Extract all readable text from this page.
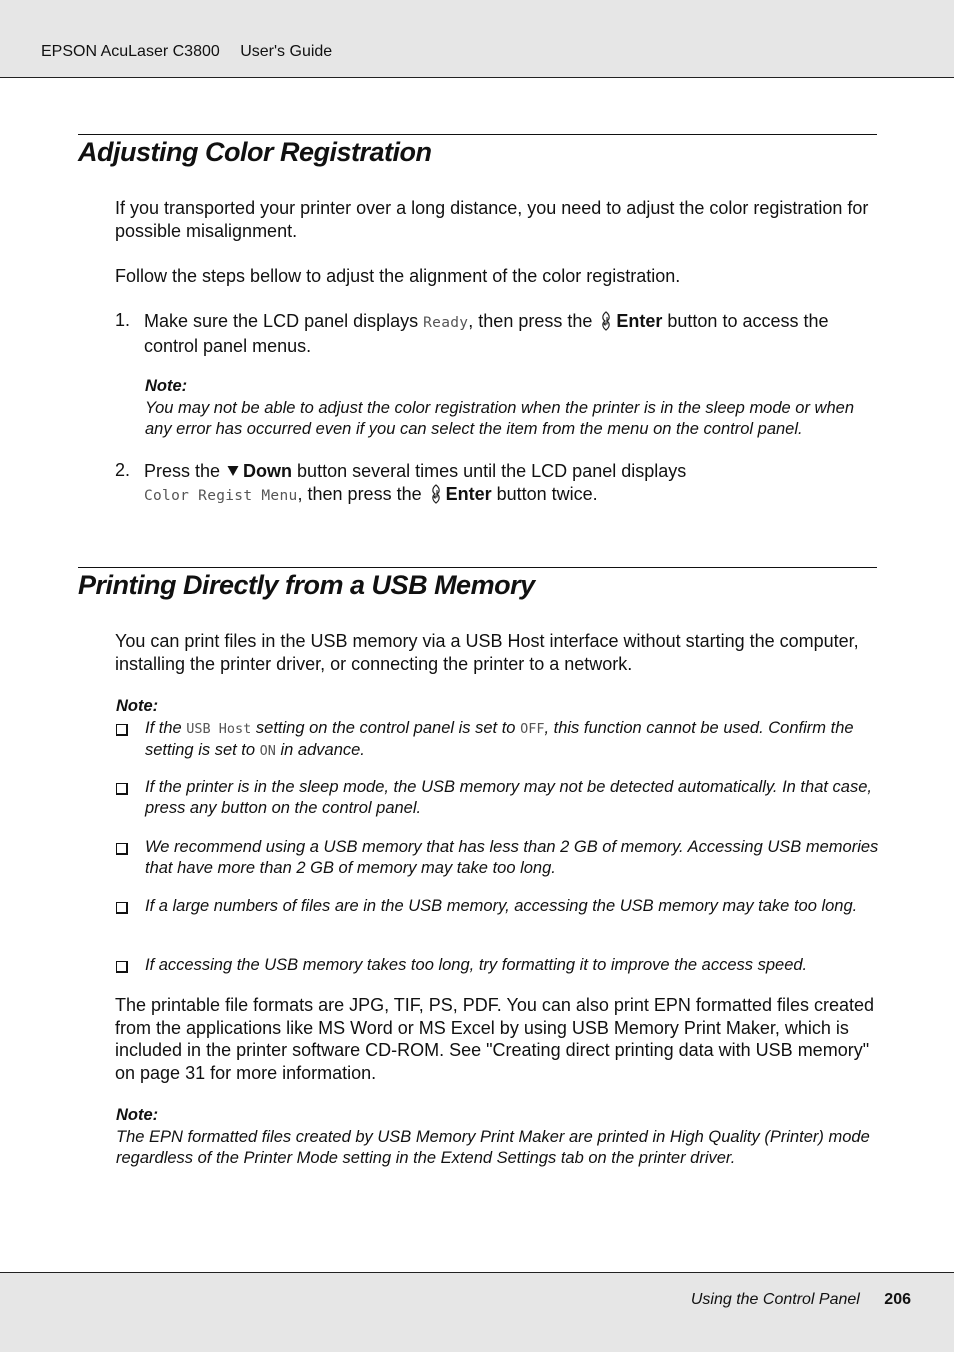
EPSON AcuLaser C3800 User's Guide
Adjusting Color Registration
If you transported your printer over a long distance, you need to adjust the color registration for possible misalignment.
Follow the steps bellow to adjust the alignment of the color registration.
1. Make sure the LCD panel displays Ready, then press the Enter button to access the control panel menus.
Note:
You may not be able to adjust the color registration when the printer is in the sleep mode or when any error has occurred even if you can select the item from the menu on the control panel.
2. Press the Down button several times until the LCD panel displays
Color Regist Menu, then press the Enter button twice.
Printing Directly from a USB Memory
You can print files in the USB memory via a USB Host interface without starting the computer, installing the printer driver, or connecting the printer to a network.
Note:
If the USB Host setting on the control panel is set to OFF, this function cannot be used. Confirm the setting is set to ON in advance.
If the printer is in the sleep mode, the USB memory may not be detected automatically. In that case, press any button on the control panel.
We recommend using a USB memory that has less than 2 GB of memory. Accessing USB memories that have more than 2 GB of memory may take too long.
If a large numbers of files are in the USB memory, accessing the USB memory may take too long.
If accessing the USB memory takes too long, try formatting it to improve the access speed.
The printable file formats are JPG, TIF, PS, PDF. You can also print EPN formatted files created from the applications like MS Word or MS Excel by using USB Memory Print Maker, which is included in the printer software CD-ROM. See "Creating direct printing data with USB memory" on page 31 for more information.
Note:
The EPN formatted files created by USB Memory Print Maker are printed in High Quality (Printer) mode regardless of the Printer Mode setting in the Extend Settings tab on the printer driver.
Using the Control Panel 206
